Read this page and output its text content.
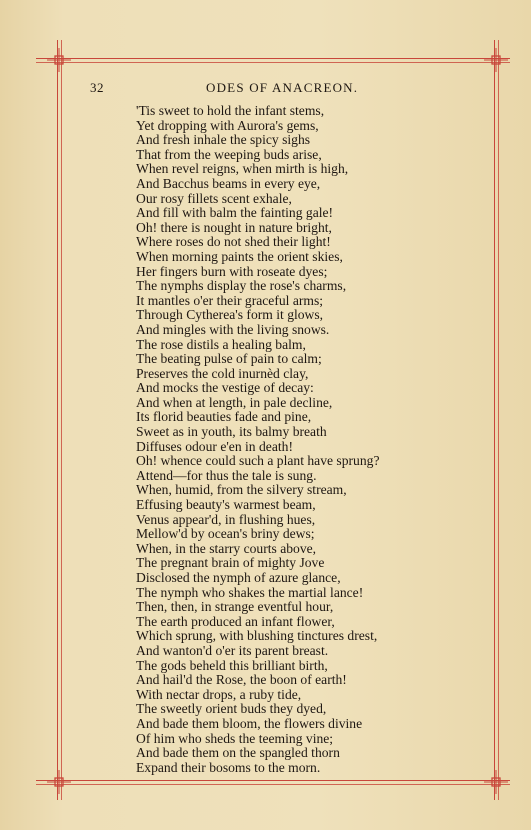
32	ODES OF ANACREON.
'Tis sweet to hold the infant stems,
Yet dropping with Aurora's gems,
And fresh inhale the spicy sighs
That from the weeping buds arise,
When revel reigns, when mirth is high,
And Bacchus beams in every eye,
Our rosy fillets scent exhale,
And fill with balm the fainting gale!
Oh! there is nought in nature bright,
Where roses do not shed their light!
When morning paints the orient skies,
Her fingers burn with roseate dyes;
The nymphs display the rose's charms,
It mantles o'er their graceful arms;
Through Cytherea's form it glows,
And mingles with the living snows.
The rose distils a healing balm,
The beating pulse of pain to calm;
Preserves the cold inurnèd clay,
And mocks the vestige of decay:
And when at length, in pale decline,
Its florid beauties fade and pine,
Sweet as in youth, its balmy breath
Diffuses odour e'en in death!
Oh! whence could such a plant have sprung?
Attend—for thus the tale is sung.
When, humid, from the silvery stream,
Effusing beauty's warmest beam,
Venus appear'd, in flushing hues,
Mellow'd by ocean's briny dews;
When, in the starry courts above,
The pregnant brain of mighty Jove
Disclosed the nymph of azure glance,
The nymph who shakes the martial lance!
Then, then, in strange eventful hour,
The earth produced an infant flower,
Which sprung, with blushing tinctures drest,
And wanton'd o'er its parent breast.
The gods beheld this brilliant birth,
And hail'd the Rose, the boon of earth!
With nectar drops, a ruby tide,
The sweetly orient buds they dyed,
And bade them bloom, the flowers divine
Of him who sheds the teeming vine;
And bade them on the spangled thorn
Expand their bosoms to the morn.
